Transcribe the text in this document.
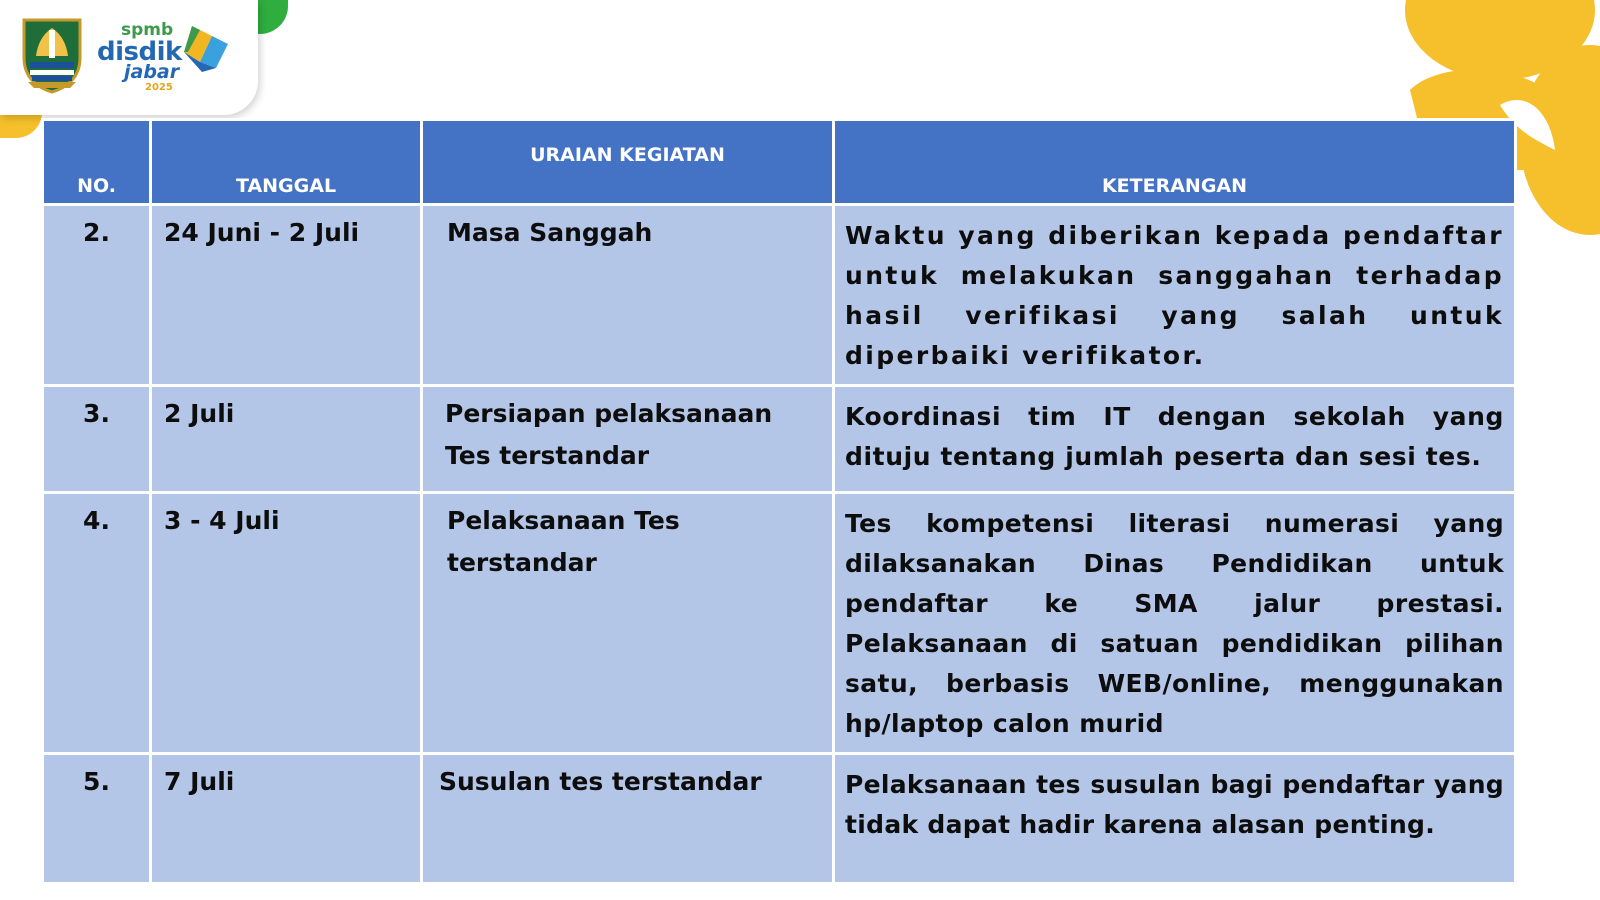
spmb
disdik
jabar
2025
NO.	TANGGAL	URAIAN KEGIATAN	KETERANGAN
2.	24 Juni - 2 Juli	Masa Sanggah	Waktu yang diberikan kepada pendaftar untuk melakukan sanggahan terhadap hasil verifikasi yang salah untuk diperbaiki verifikator.
3.	2 Juli	Persiapan pelaksanaan Tes terstandar	Koordinasi tim IT dengan sekolah yang dituju tentang jumlah peserta dan sesi tes.
4.	3 - 4 Juli	Pelaksanaan Tes terstandar	Tes kompetensi literasi numerasi yang dilaksanakan Dinas Pendidikan untuk pendaftar ke SMA jalur prestasi. Pelaksanaan di satuan pendidikan pilihan satu, berbasis WEB/online, menggunakan hp/laptop calon murid
5.	7 Juli	Susulan tes terstandar	Pelaksanaan tes susulan bagi pendaftar yang tidak dapat hadir karena alasan penting.
